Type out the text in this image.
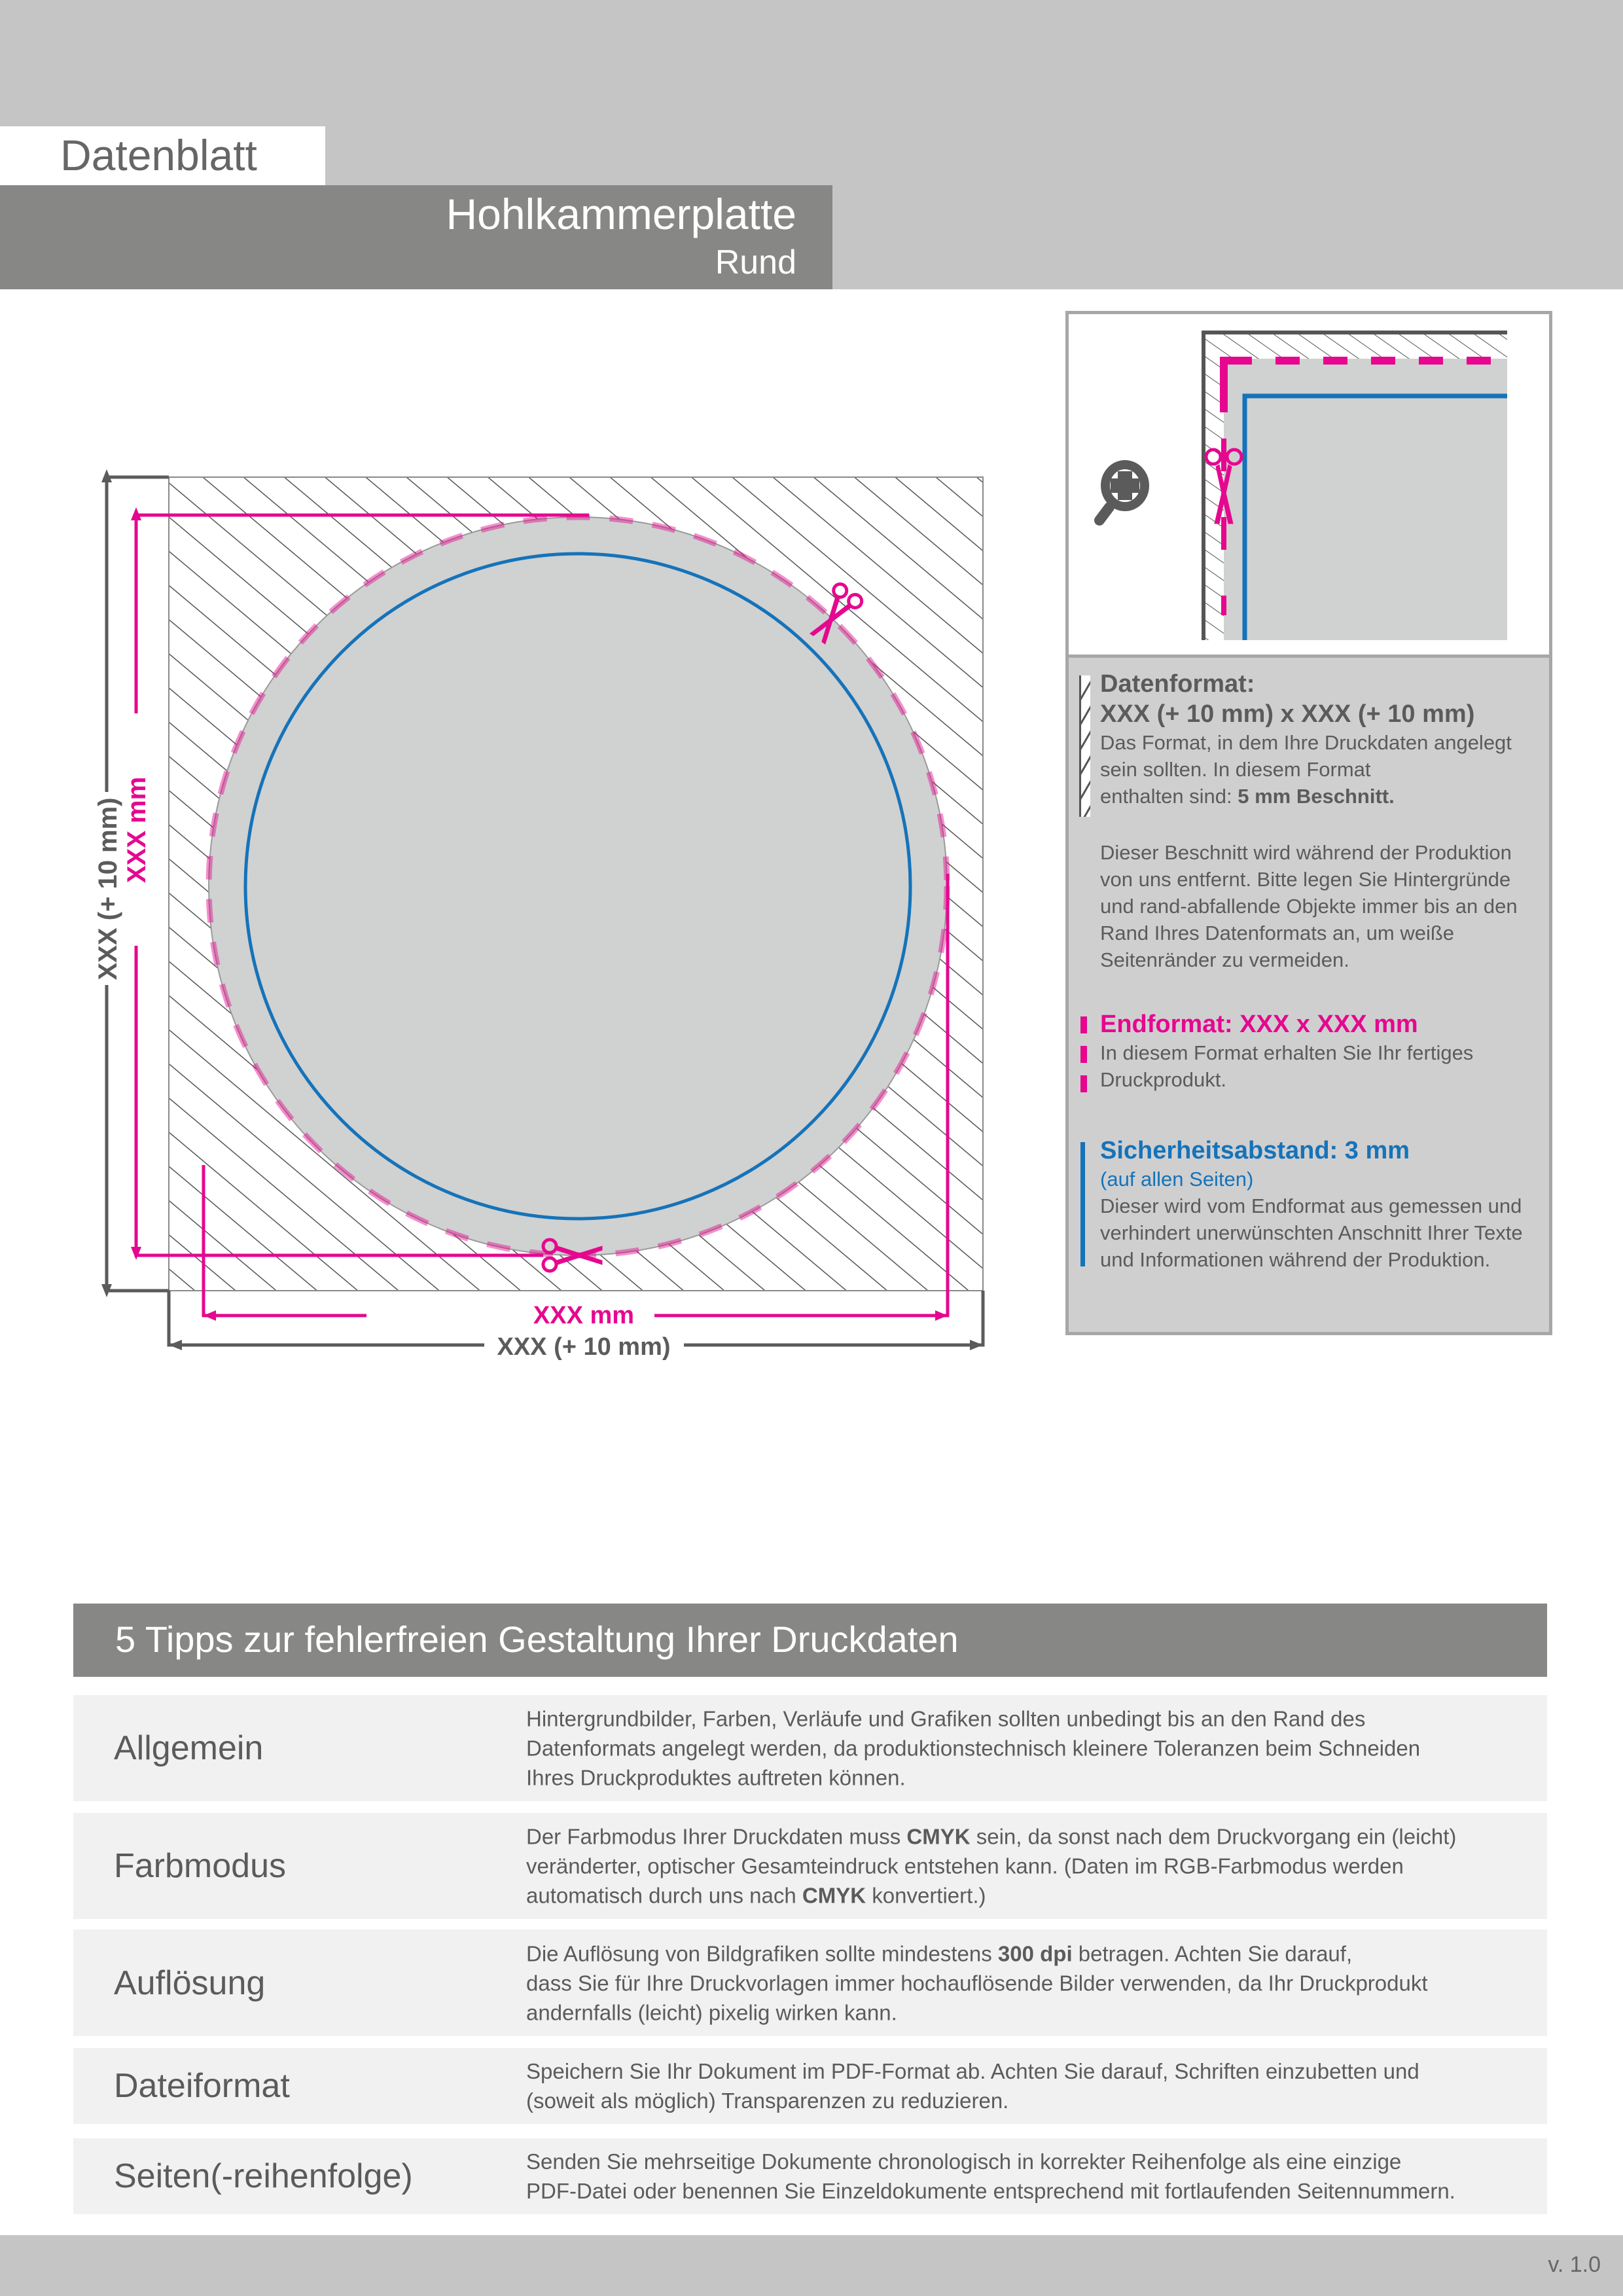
Datenblatt
Hohlkammerplatte
Rund
XXX (+ 10 mm) XXX mm
XXX mm
XXX (+ 10 mm)
Datenformat:
XXX (+ 10 mm) x XXX (+ 10 mm)
Das Format, in dem Ihre Druckdaten angelegt
sein sollten. In diesem Format
enthalten sind: 5 mm Beschnitt.
Dieser Beschnitt wird während der Produktion
von uns entfernt. Bitte legen Sie Hintergründe
und rand-abfallende Objekte immer bis an den
Rand Ihres Datenformats an, um weiße
Seitenränder zu vermeiden.
Endformat: XXX x XXX mm
In diesem Format erhalten Sie Ihr fertiges
Druckprodukt.
Sicherheitsabstand: 3 mm
(auf allen Seiten)
Dieser wird vom Endformat aus gemessen und
verhindert unerwünschten Anschnitt Ihrer Texte
und Informationen während der Produktion.
5 Tipps zur fehlerfreien Gestaltung Ihrer Druckdaten
Allgemein
Hintergrundbilder, Farben, Verläufe und Grafiken sollten unbedingt bis an den Rand des
Datenformats angelegt werden, da produktionstechnisch kleinere Toleranzen beim Schneiden
Ihres Druckproduktes auftreten können.
Farbmodus
Der Farbmodus Ihrer Druckdaten muss CMYK sein, da sonst nach dem Druckvorgang ein (leicht)
veränderter, optischer Gesamteindruck entstehen kann. (Daten im RGB-Farbmodus werden
automatisch durch uns nach CMYK konvertiert.)
Auflösung
Die Auflösung von Bildgrafiken sollte mindestens 300 dpi betragen. Achten Sie darauf,
dass Sie für Ihre Druckvorlagen immer hochauflösende Bilder verwenden, da Ihr Druckprodukt
andernfalls (leicht) pixelig wirken kann.
Dateiformat	Speichern Sie Ihr Dokument im PDF-Format ab. Achten Sie darauf, Schriften einzubetten und
(soweit als möglich) Transparenzen zu reduzieren.
Seiten(-reihenfolge)	Senden Sie mehrseitige Dokumente chronologisch in korrekter Reihenfolge als eine einzige
PDF-Datei oder benennen Sie Einzeldokumente entsprechend mit fortlaufenden Seitennummern.
v. 1.0
